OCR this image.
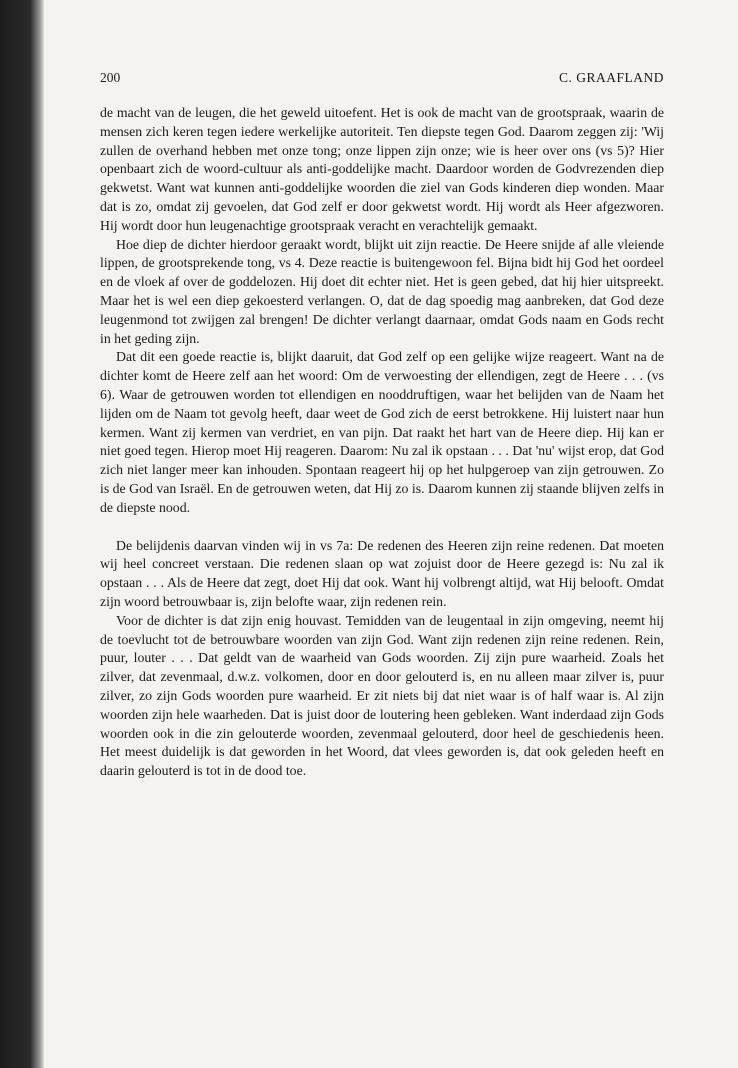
200	C. GRAAFLAND

de macht van de leugen, die het geweld uitoefent. Het is ook de macht van de grootspraak, waarin de mensen zich keren tegen iedere werkelijke autoriteit. Ten diepste tegen God. Daarom zeggen zij: 'Wij zullen de overhand hebben met onze tong; onze lippen zijn onze; wie is heer over ons (vs 5)? Hier openbaart zich de woord-cultuur als anti-goddelijke macht. Daardoor worden de Godvrezenden diep gekwetst. Want wat kunnen anti-goddelijke woorden die ziel van Gods kinderen diep wonden. Maar dat is zo, omdat zij gevoelen, dat God zelf er door gekwetst wordt. Hij wordt als Heer afgezworen. Hij wordt door hun leugenachtige grootspraak veracht en verachtelijk gemaakt.

Hoe diep de dichter hierdoor geraakt wordt, blijkt uit zijn reactie. De Heere snijde af alle vleiende lippen, de grootsprekende tong, vs 4. Deze reactie is buitengewoon fel. Bijna bidt hij God het oordeel en de vloek af over de goddelozen. Hij doet dit echter niet. Het is geen gebed, dat hij hier uitspreekt. Maar het is wel een diep gekoesterd verlangen. O, dat de dag spoedig mag aanbreken, dat God deze leugenmond tot zwijgen zal brengen! De dichter verlangt daarnaar, omdat Gods naam en Gods recht in het geding zijn.

Dat dit een goede reactie is, blijkt daaruit, dat God zelf op een gelijke wijze reageert. Want na de dichter komt de Heere zelf aan het woord: Om de verwoesting der ellendigen, zegt de Heere . . . (vs 6). Waar de getrouwen worden tot ellendigen en nooddruftigen, waar het belijden van de Naam het lijden om de Naam tot gevolg heeft, daar weet de God zich de eerst betrokkene. Hij luistert naar hun kermen. Want zij kermen van verdriet, en van pijn. Dat raakt het hart van de Heere diep. Hij kan er niet goed tegen. Hierop moet Hij reageren. Daarom: Nu zal ik opstaan . . . Dat 'nu' wijst erop, dat God zich niet langer meer kan inhouden. Spontaan reageert hij op het hulpgeroep van zijn getrouwen. Zo is de God van Israël. En de getrouwen weten, dat Hij zo is. Daarom kunnen zij staande blijven zelfs in de diepste nood.

De belijdenis daarvan vinden wij in vs 7a: De redenen des Heeren zijn reine redenen. Dat moeten wij heel concreet verstaan. Die redenen slaan op wat zojuist door de Heere gezegd is: Nu zal ik opstaan . . . Als de Heere dat zegt, doet Hij dat ook. Want hij volbrengt altijd, wat Hij belooft. Omdat zijn woord betrouwbaar is, zijn belofte waar, zijn redenen rein.

Voor de dichter is dat zijn enig houvast. Temidden van de leugentaal in zijn omgeving, neemt hij de toevlucht tot de betrouwbare woorden van zijn God. Want zijn redenen zijn reine redenen. Rein, puur, louter . . . Dat geldt van de waarheid van Gods woorden. Zij zijn pure waarheid. Zoals het zilver, dat zevenmaal, d.w.z. volkomen, door en door gelouterd is, en nu alleen maar zilver is, puur zilver, zo zijn Gods woorden pure waarheid. Er zit niets bij dat niet waar is of half waar is. Al zijn woorden zijn hele waarheden. Dat is juist door de loutering heen gebleken. Want inderdaad zijn Gods woorden ook in die zin gelouterde woorden, zevenmaal gelouterd, door heel de geschiedenis heen. Het meest duidelijk is dat geworden in het Woord, dat vlees geworden is, dat ook geleden heeft en daarin gelouterd is tot in de dood toe.
